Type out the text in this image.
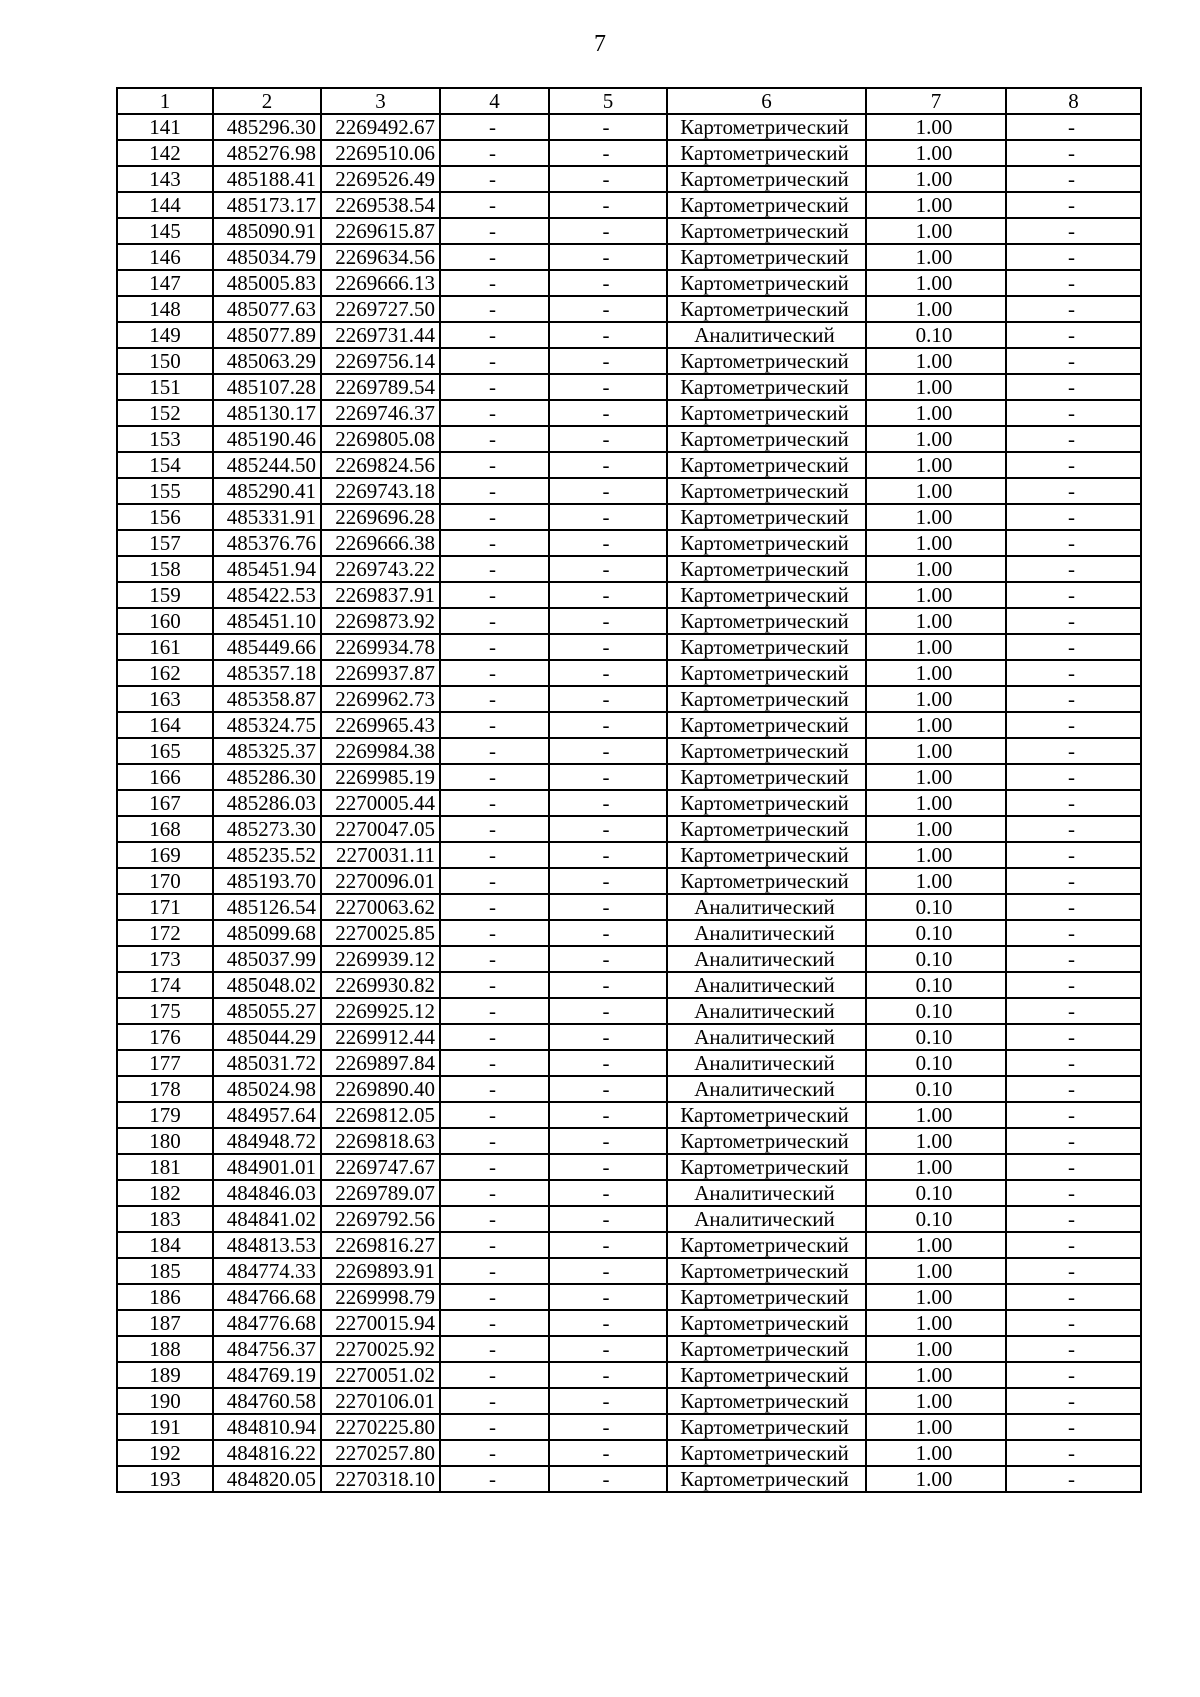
7
1	2	3	4	5	6	7	8
141	485296.30	2269492.67	-	-	Картометрический	1.00	-
142	485276.98	2269510.06	-	-	Картометрический	1.00	-
143	485188.41	2269526.49	-	-	Картометрический	1.00	-
144	485173.17	2269538.54	-	-	Картометрический	1.00	-
145	485090.91	2269615.87	-	-	Картометрический	1.00	-
146	485034.79	2269634.56	-	-	Картометрический	1.00	-
147	485005.83	2269666.13	-	-	Картометрический	1.00	-
148	485077.63	2269727.50	-	-	Картометрический	1.00	-
149	485077.89	2269731.44	-	-	Аналитический	0.10	-
150	485063.29	2269756.14	-	-	Картометрический	1.00	-
151	485107.28	2269789.54	-	-	Картометрический	1.00	-
152	485130.17	2269746.37	-	-	Картометрический	1.00	-
153	485190.46	2269805.08	-	-	Картометрический	1.00	-
154	485244.50	2269824.56	-	-	Картометрический	1.00	-
155	485290.41	2269743.18	-	-	Картометрический	1.00	-
156	485331.91	2269696.28	-	-	Картометрический	1.00	-
157	485376.76	2269666.38	-	-	Картометрический	1.00	-
158	485451.94	2269743.22	-	-	Картометрический	1.00	-
159	485422.53	2269837.91	-	-	Картометрический	1.00	-
160	485451.10	2269873.92	-	-	Картометрический	1.00	-
161	485449.66	2269934.78	-	-	Картометрический	1.00	-
162	485357.18	2269937.87	-	-	Картометрический	1.00	-
163	485358.87	2269962.73	-	-	Картометрический	1.00	-
164	485324.75	2269965.43	-	-	Картометрический	1.00	-
165	485325.37	2269984.38	-	-	Картометрический	1.00	-
166	485286.30	2269985.19	-	-	Картометрический	1.00	-
167	485286.03	2270005.44	-	-	Картометрический	1.00	-
168	485273.30	2270047.05	-	-	Картометрический	1.00	-
169	485235.52	2270031.11	-	-	Картометрический	1.00	-
170	485193.70	2270096.01	-	-	Картометрический	1.00	-
171	485126.54	2270063.62	-	-	Аналитический	0.10	-
172	485099.68	2270025.85	-	-	Аналитический	0.10	-
173	485037.99	2269939.12	-	-	Аналитический	0.10	-
174	485048.02	2269930.82	-	-	Аналитический	0.10	-
175	485055.27	2269925.12	-	-	Аналитический	0.10	-
176	485044.29	2269912.44	-	-	Аналитический	0.10	-
177	485031.72	2269897.84	-	-	Аналитический	0.10	-
178	485024.98	2269890.40	-	-	Аналитический	0.10	-
179	484957.64	2269812.05	-	-	Картометрический	1.00	-
180	484948.72	2269818.63	-	-	Картометрический	1.00	-
181	484901.01	2269747.67	-	-	Картометрический	1.00	-
182	484846.03	2269789.07	-	-	Аналитический	0.10	-
183	484841.02	2269792.56	-	-	Аналитический	0.10	-
184	484813.53	2269816.27	-	-	Картометрический	1.00	-
185	484774.33	2269893.91	-	-	Картометрический	1.00	-
186	484766.68	2269998.79	-	-	Картометрический	1.00	-
187	484776.68	2270015.94	-	-	Картометрический	1.00	-
188	484756.37	2270025.92	-	-	Картометрический	1.00	-
189	484769.19	2270051.02	-	-	Картометрический	1.00	-
190	484760.58	2270106.01	-	-	Картометрический	1.00	-
191	484810.94	2270225.80	-	-	Картометрический	1.00	-
192	484816.22	2270257.80	-	-	Картометрический	1.00	-
193	484820.05	2270318.10	-	-	Картометрический	1.00	-
